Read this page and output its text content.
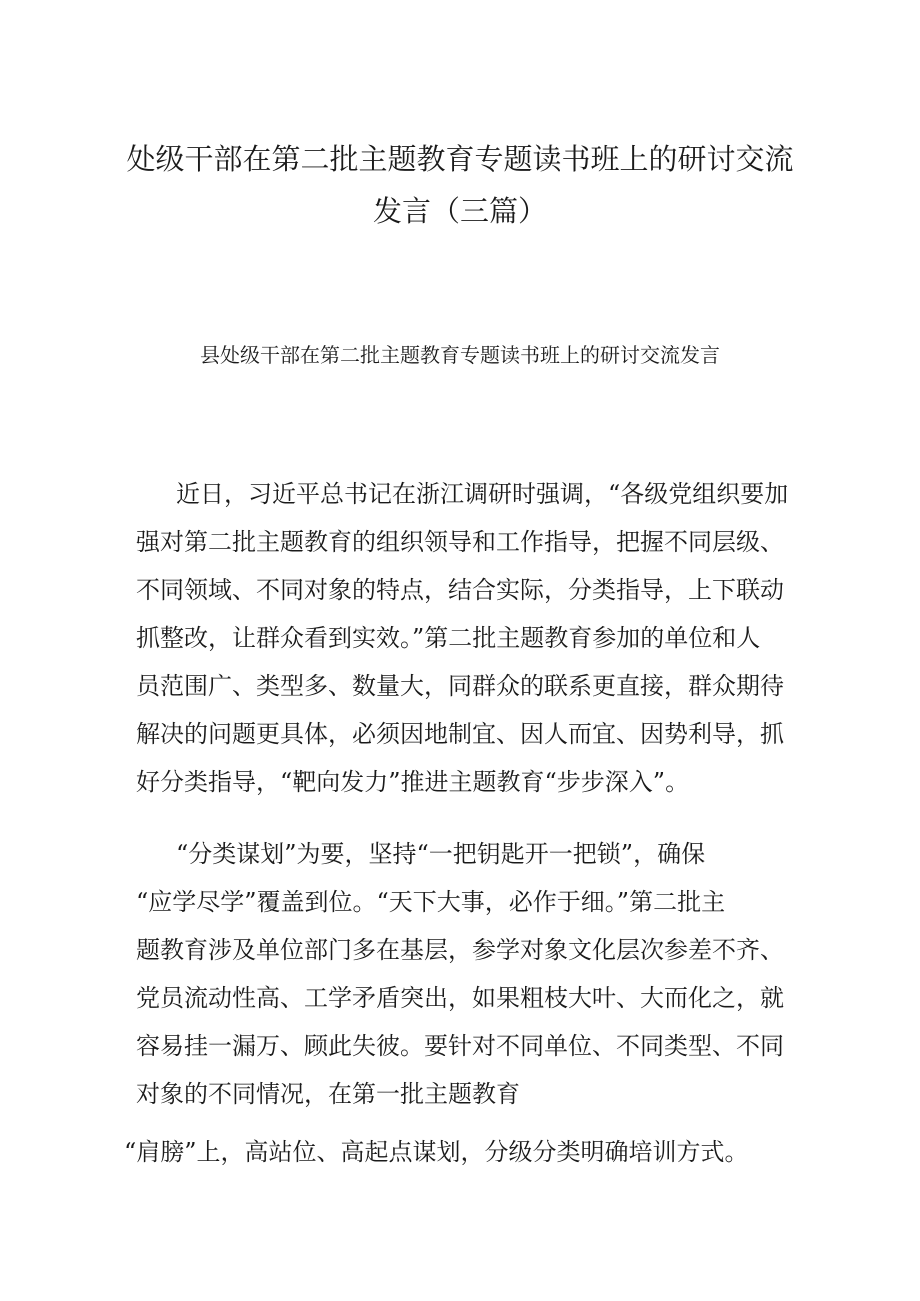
处级干部在第二批主题教育专题读书班上的研讨交流
发言（三篇）

县处级干部在第二批主题教育专题读书班上的研讨交流发言

近日，习近平总书记在浙江调研时强调，“各级党组织要加

强对第二批主题教育的组织领导和工作指导，把握不同层级、

不同领域、不同对象的特点，结合实际，分类指导，上下联动

抓整改，让群众看到实效。”第二批主题教育参加的单位和人

员范围广、类型多、数量大，同群众的联系更直接，群众期待

解决的问题更具体，必须因地制宜、因人而宜、因势利导，抓

好分类指导，“靶向发力”推进主题教育“步步深入”。

“分类谋划”为要，坚持“一把钥匙开一把锁”，确保

“应学尽学”覆盖到位。“天下大事，必作于细。”第二批主

题教育涉及单位部门多在基层，参学对象文化层次参差不齐、

党员流动性高、工学矛盾突出，如果粗枝大叶、大而化之，就

容易挂一漏万、顾此失彼。要针对不同单位、不同类型、不同

对象的不同情况，在第一批主题教育

“肩膀”上，高站位、高起点谋划，分级分类明确培训方式。
